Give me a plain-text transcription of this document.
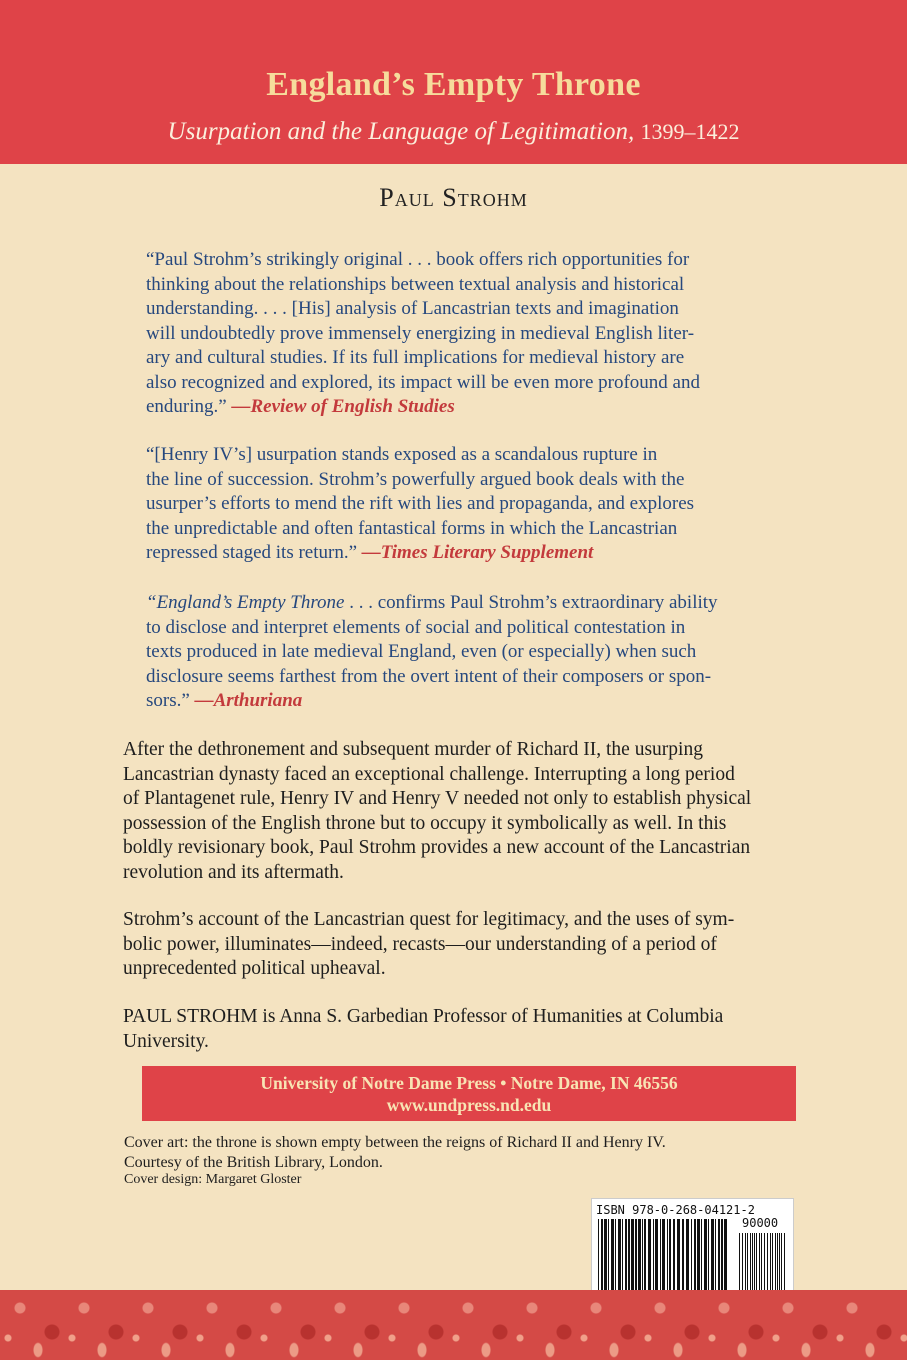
England’s Empty Throne
Usurpation and the Language of Legitimation, 1399–1422
Paul Strohm
“Paul Strohm’s strikingly original . . . book offers rich opportunities for
thinking about the relationships between textual analysis and historical
understanding. . . . [His] analysis of Lancastrian texts and imagination
will undoubtedly prove immensely energizing in medieval English liter-
ary and cultural studies. If its full implications for medieval history are
also recognized and explored, its impact will be even more profound and
enduring.” —Review of English Studies
“[Henry IV’s] usurpation stands exposed as a scandalous rupture in
the line of succession. Strohm’s powerfully argued book deals with the
usurper’s efforts to mend the rift with lies and propaganda, and explores
the unpredictable and often fantastical forms in which the Lancastrian
repressed staged its return.” —Times Literary Supplement
“England’s Empty Throne . . . confirms Paul Strohm’s extraordinary ability
to disclose and interpret elements of social and political contestation in
texts produced in late medieval England, even (or especially) when such
disclosure seems farthest from the overt intent of their composers or spon-
sors.” —Arthuriana
After the dethronement and subsequent murder of Richard II, the usurping
Lancastrian dynasty faced an exceptional challenge. Interrupting a long period
of Plantagenet rule, Henry IV and Henry V needed not only to establish physical
possession of the English throne but to occupy it symbolically as well. In this
boldly revisionary book, Paul Strohm provides a new account of the Lancastrian
revolution and its aftermath.
Strohm’s account of the Lancastrian quest for legitimacy, and the uses of sym-
bolic power, illuminates—indeed, recasts—our understanding of a period of
unprecedented political upheaval.
PAUL STROHM is Anna S. Garbedian Professor of Humanities at Columbia
University.
University of Notre Dame Press • Notre Dame, IN 46556
www.undpress.nd.edu
Cover art: the throne is shown empty between the reigns of Richard II and Henry IV.
Courtesy of the British Library, London.
Cover design: Margaret Gloster
ISBN 978-0-268-04121-2
90000
